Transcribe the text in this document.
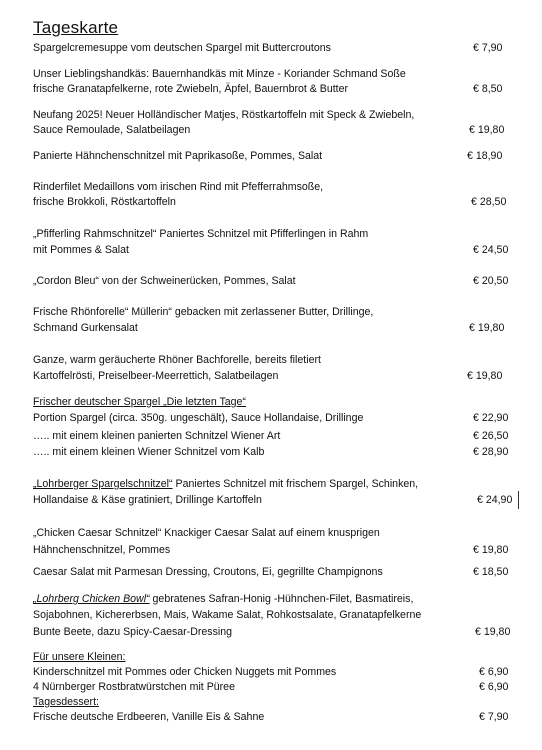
Tageskarte
Spargelcremesuppe vom deutschen Spargel mit Buttercroutons	€ 7,90
Unser Lieblingshandkäs: Bauernhandkäs mit Minze - Koriander Schmand Soße
frische Granatapfelkerne, rote Zwiebeln, Äpfel, Bauernbrot & Butter	€ 8,50
Neufang 2025! Neuer Holländischer Matjes, Röstkartoffeln mit Speck & Zwiebeln,
Sauce Remoulade, Salatbeilagen	€ 19,80
Panierte Hähnchenschnitzel mit Paprikasoße, Pommes, Salat	€ 18,90
Rinderfilet Medaillons vom irischen Rind mit Pfefferrahmsoße,
frische Brokkoli, Röstkartoffeln	€ 28,50
„Pfifferling Rahmschnitzel“ Paniertes Schnitzel mit Pfifferlingen in Rahm
mit Pommes & Salat	€ 24,50
„Cordon Bleu“ von der Schweinerücken, Pommes, Salat	€ 20,50
Frische Rhönforelle“ Müllerin“ gebacken mit zerlassener Butter, Drillinge,
Schmand Gurkensalat	€ 19,80
Ganze, warm geräucherte Rhöner Bachforelle, bereits filetiert
Kartoffelrösti, Preiselbeer-Meerrettich, Salatbeilagen	€ 19,80
Frischer deutscher Spargel „Die letzten Tage“
Portion Spargel (circa. 350g. ungeschält), Sauce Hollandaise, Drillinge	€ 22,90
….. mit einem kleinen panierten Schnitzel Wiener Art	€ 26,50
….. mit einem kleinen Wiener Schnitzel vom Kalb	€ 28,90
„Lohrberger Spargelschnitzel“ Paniertes Schnitzel mit frischem Spargel, Schinken,
Hollandaise & Käse gratiniert, Drillinge Kartoffeln	€ 24,90
„Chicken Caesar Schnitzel“ Knackiger Caesar Salat auf einem knusprigen
Hähnchenschnitzel, Pommes	€ 19,80
Caesar Salat mit Parmesan Dressing, Croutons, Ei, gegrillte Champignons	€ 18,50
„Lohrberg Chicken Bowl“ gebratenes Safran-Honig -Hühnchen-Filet, Basmatireis,
Sojabohnen, Kichererbsen, Mais, Wakame Salat, Rohkostsalate, Granatapfelkerne
Bunte Beete, dazu Spicy-Caesar-Dressing	€ 19,80
Für unsere Kleinen:
Kinderschnitzel mit Pommes oder Chicken Nuggets mit Pommes	€ 6,90
4 Nürnberger Rostbratwürstchen mit Püree	€ 6,90
Tagesdessert:
Frische deutsche Erdbeeren, Vanille Eis & Sahne	€ 7,90
